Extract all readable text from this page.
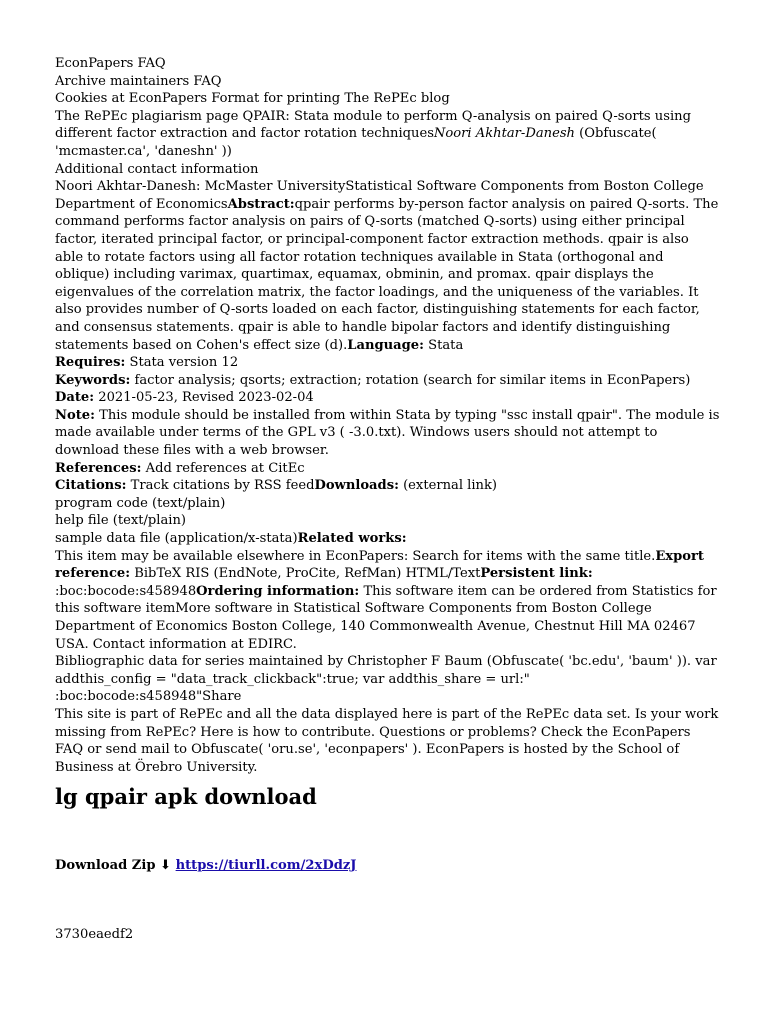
EconPapers FAQ
Archive maintainers FAQ
Cookies at EconPapers Format for printing The RePEc blog
The RePEc plagiarism page QPAIR: Stata module to perform Q-analysis on paired Q-sorts using different factor extraction and factor rotation techniquesNoori Akhtar-Danesh (Obfuscate( 'mcmaster.ca', 'daneshn' ))
Additional contact information
Noori Akhtar-Danesh: McMaster UniversityStatistical Software Components from Boston College Department of EconomicsAbstract:qpair performs by-person factor analysis on paired Q-sorts. The command performs factor analysis on pairs of Q-sorts (matched Q-sorts) using either principal factor, iterated principal factor, or principal-component factor extraction methods. qpair is also able to rotate factors using all factor rotation techniques available in Stata (orthogonal and oblique) including varimax, quartimax, equamax, obminin, and promax. qpair displays the eigenvalues of the correlation matrix, the factor loadings, and the uniqueness of the variables. It also provides number of Q-sorts loaded on each factor, distinguishing statements for each factor, and consensus statements. qpair is able to handle bipolar factors and identify distinguishing statements based on Cohen's effect size (d).Language: Stata
Requires: Stata version 12
Keywords: factor analysis; qsorts; extraction; rotation (search for similar items in EconPapers)
Date: 2021-05-23, Revised 2023-02-04
Note: This module should be installed from within Stata by typing "ssc install qpair". The module is made available under terms of the GPL v3 ( -3.0.txt). Windows users should not attempt to download these files with a web browser.
References: Add references at CitEc
Citations: Track citations by RSS feedDownloads: (external link)
program code (text/plain)
help file (text/plain)
sample data file (application/x-stata)Related works:
This item may be available elsewhere in EconPapers: Search for items with the same title.Export reference: BibTeX RIS (EndNote, ProCite, RefMan) HTML/TextPersistent link:
:boc:bocode:s458948Ordering information: This software item can be ordered from Statistics for this software itemMore software in Statistical Software Components from Boston College Department of Economics Boston College, 140 Commonwealth Avenue, Chestnut Hill MA 02467 USA. Contact information at EDIRC.
Bibliographic data for series maintained by Christopher F Baum (Obfuscate( 'bc.edu', 'baum' )). var addthis_config = "data_track_clickback":true; var addthis_share = url:" :boc:bocode:s458948"Share
This site is part of RePEc and all the data displayed here is part of the RePEc data set. Is your work missing from RePEc? Here is how to contribute. Questions or problems? Check the EconPapers FAQ or send mail to Obfuscate( 'oru.se', 'econpapers' ). EconPapers is hosted by the School of Business at Örebro University.
lg qpair apk download
Download Zip ⬇ https://tiurll.com/2xDdzJ
3730eaedf2
